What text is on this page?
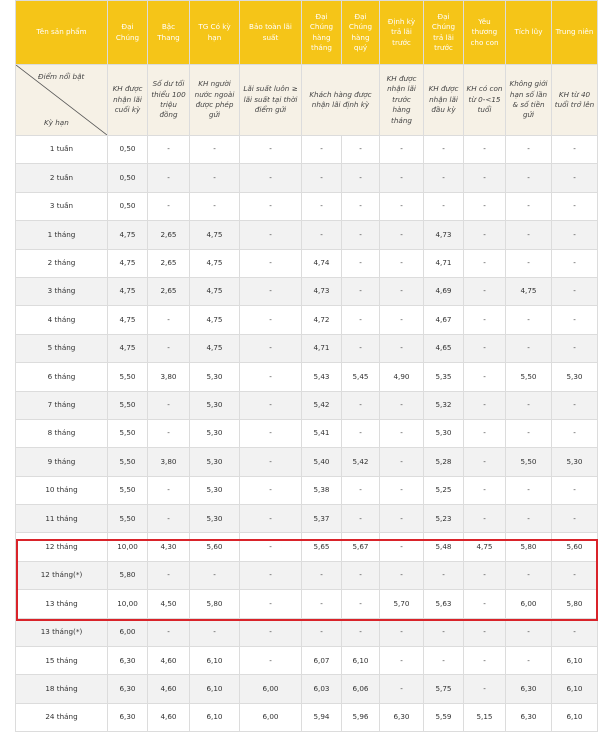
Tên sản phẩm	Đại Chúng	Bậc Thang	TG Có kỳ hạn	Bảo toàn lãi suất	Đại Chúng hàng tháng	Đại Chúng hàng quý	Định kỳ trả lãi trước	Đại Chúng trả lãi trước	Yêu thương cho con	Tích lũy	Trung niên

Điểm nổi bật
Kỳ hạn	KH được nhận lãi cuối kỳ	Số dư tối thiểu 100 triệu đồng	KH người nước ngoài được phép gửi	Lãi suất luôn ≥ lãi suất tại thời điểm gửi	Khách hàng được nhận lãi định kỳ		KH được nhận lãi trước hàng tháng	KH được nhận lãi đầu kỳ	KH có con từ 0-<15 tuổi	Không giới hạn số lần & số tiền gửi	KH từ 40 tuổi trở lên
1 tuần	0,50	-	-	-	-	-	-	-	-	-	-
2 tuần	0,50	-	-	-	-	-	-	-	-	-	-
3 tuần	0,50	-	-	-	-	-	-	-	-	-	-
1 tháng	4,75	2,65	4,75	-	-	-	-	4,73	-	-	-
2 tháng	4,75	2,65	4,75	-	4,74	-	-	4,71	-	-	-
3 tháng	4,75	2,65	4,75	-	4,73	-	-	4,69	-	4,75	-
4 tháng	4,75	-	4,75	-	4,72	-	-	4,67	-	-	-
5 tháng	4,75	-	4,75	-	4,71	-	-	4,65	-	-	-
6 tháng	5,50	3,80	5,30	-	5,43	5,45	4,90	5,35	-	5,50	5,30
7 tháng	5,50	-	5,30	-	5,42	-	-	5,32	-	-	-
8 tháng	5,50	-	5,30	-	5,41	-	-	5,30	-	-	-
9 tháng	5,50	3,80	5,30	-	5,40	5,42	-	5,28	-	5,50	5,30
10 tháng	5,50	-	5,30	-	5,38	-	-	5,25	-	-	-
11 tháng	5,50	-	5,30	-	5,37	-	-	5,23	-	-	-
12 tháng	10,00	4,30	5,60	-	5,65	5,67	-	5,48	4,75	5,80	5,60
12 tháng(*)	5,80	-	-	-	-	-	-	-	-	-	-
13 tháng	10,00	4,50	5,80	-	-	-	5,70	5,63	-	6,00	5,80
13 tháng(*)	6,00	-	-	-	-	-	-	-	-	-	-
15 tháng	6,30	4,60	6,10	-	6,07	6,10	-	-	-	-	6,10
18 tháng	6,30	4,60	6,10	6,00	6,03	6,06	-	5,75	-	6,30	6,10
24 tháng	6,30	4,60	6,10	6,00	5,94	5,96	6,30	5,59	5,15	6,30	6,10
